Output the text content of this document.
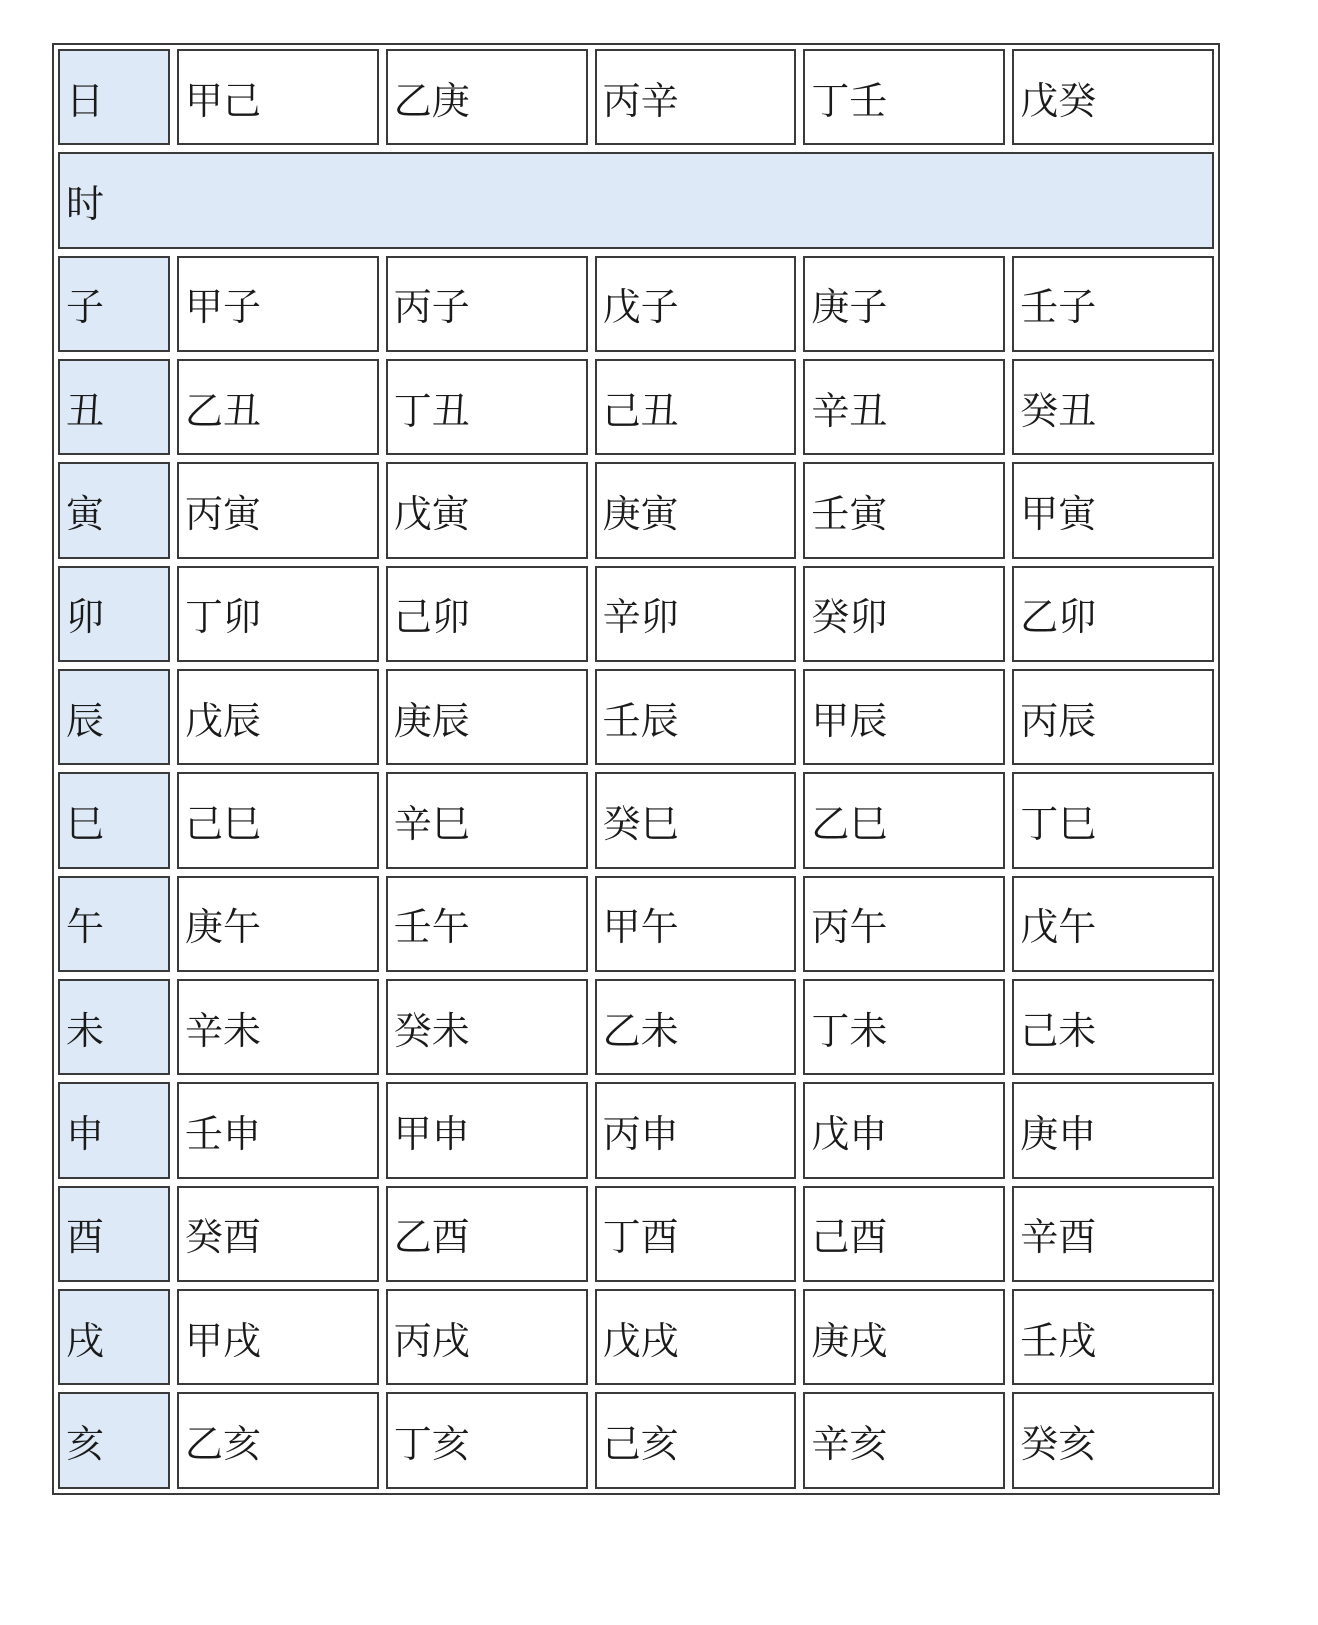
日	甲己	乙庚	丙辛	丁壬	戊癸
时					
子	甲子	丙子	戊子	庚子	壬子
丑	乙丑	丁丑	己丑	辛丑	癸丑
寅	丙寅	戊寅	庚寅	壬寅	甲寅
卯	丁卯	己卯	辛卯	癸卯	乙卯
辰	戊辰	庚辰	壬辰	甲辰	丙辰
巳	己巳	辛巳	癸巳	乙巳	丁巳
午	庚午	壬午	甲午	丙午	戊午
未	辛未	癸未	乙未	丁未	己未
申	壬申	甲申	丙申	戊申	庚申
酉	癸酉	乙酉	丁酉	己酉	辛酉
戌	甲戌	丙戌	戊戌	庚戌	壬戌
亥	乙亥	丁亥	己亥	辛亥	癸亥
